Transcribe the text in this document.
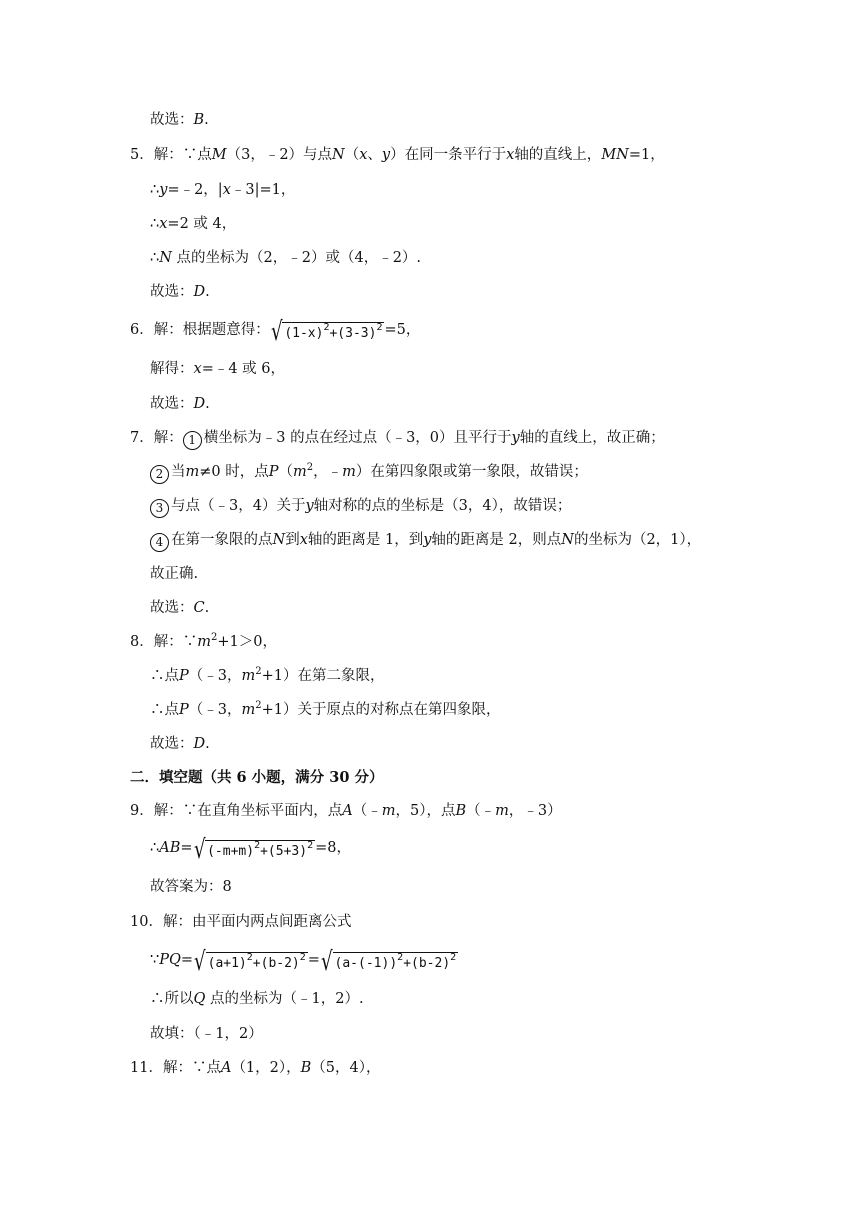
故选：B.
5．解：∵点M（3，﹣2）与点N（x、y）在同一条平行于x轴的直线上，MN=1，
∴y=﹣2，|x﹣3|=1，
∴x=2 或 4，
∴N 点的坐标为（2，﹣2）或（4，﹣2）.
故选：D.
6．解：根据题意得：√ $(1-x)^2+(3-3)^2 =5$，
解得：x=﹣4 或 6，
故选：D.
7．解： 1 横坐标为﹣3 的点在经过点（﹣3，0）且平行于y轴的直线上，故正确；
2 当m≠0 时，点$P(m^2$，﹣m）在第四象限或第一象限，故错误；
3 与点（﹣3，4）关于y轴对称的点的坐标是（3，4），故错误；
4 在第一象限的点N到x轴的距离是 1，到y轴的距离是 2，则点N的坐标为（2，1），
故正确.
故选：C.
8．解：$\because m^2+1>0$，
∴点P（﹣3，$m^2+1$）在第二象限，
∴点P（﹣3，$m^2+1$）关于原点的对称点在第四象限，
故选：D.
二．填空题（共 6 小题，满分 30 分）
9．解：∵在直角坐标平面内，点A（﹣m，5），点B（﹣m，﹣3）
∴AB=√ $(-m+m)^2+(5+3)^2 =8$，
故答案为：8
10．解：由平面内两点间距离公式
∵PQ=√ $(a+1)^2+(b-2)^2$ =√ $(a-(-1))^2+(b-2)^2$
∴所以Q 点的坐标为（﹣1，2）.
故填：（﹣1，2）
11．解：∵点A（1，2），B（5，4），
